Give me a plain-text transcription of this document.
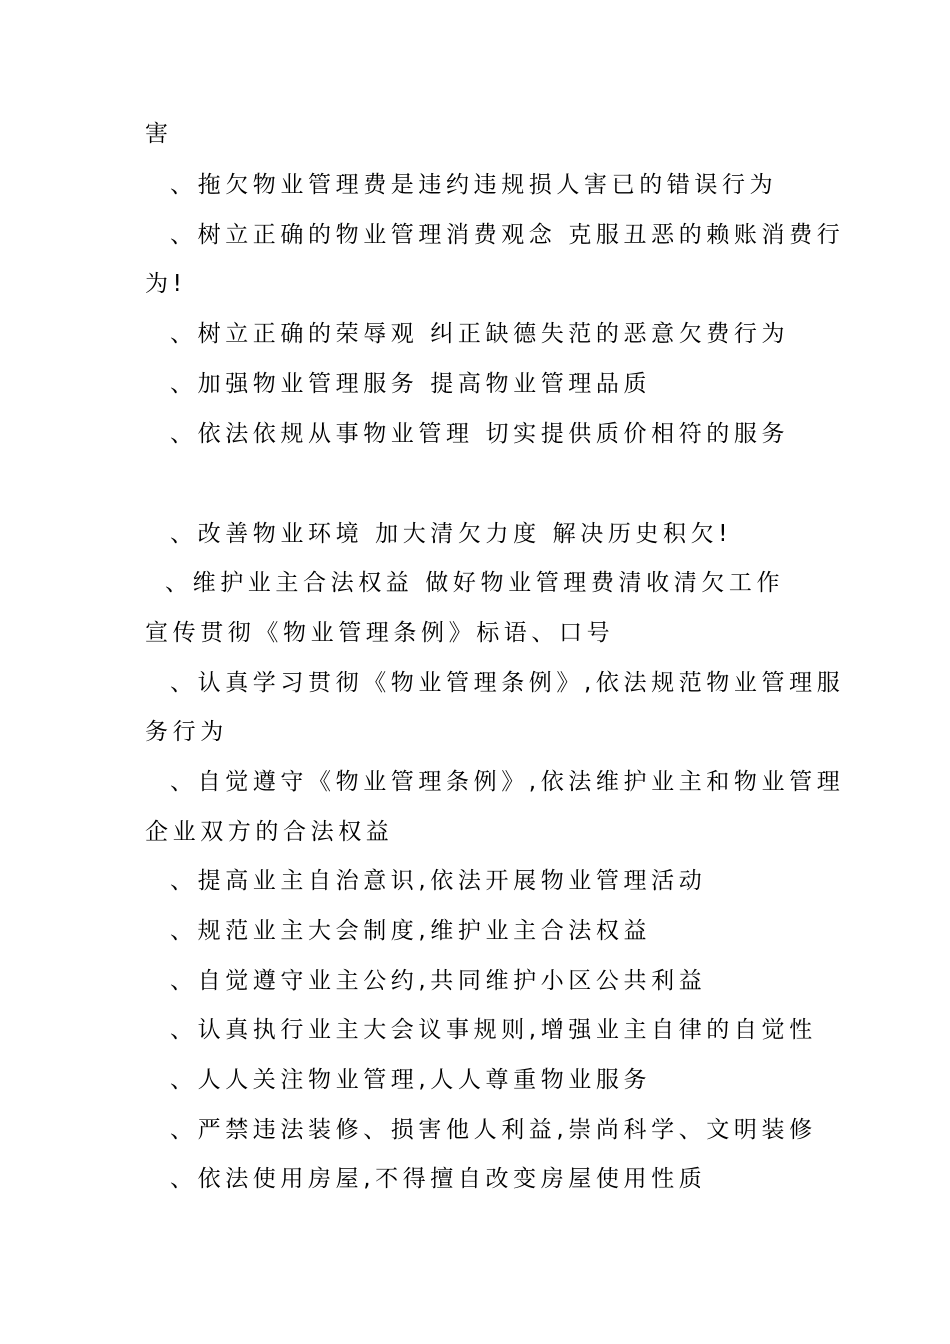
害
、拖欠物业管理费是违约违规损人害已的错误行为
、树立正确的物业管理消费观念 克服丑恶的赖账消费行
为!
、树立正确的荣辱观 纠正缺德失范的恶意欠费行为
、加强物业管理服务 提高物业管理品质
、依法依规从事物业管理 切实提供质价相符的服务
、改善物业环境 加大清欠力度 解决历史积欠!
、维护业主合法权益 做好物业管理费清收清欠工作
宣传贯彻《物业管理条例》标语、口号
、认真学习贯彻《物业管理条例》,依法规范物业管理服
务行为
、自觉遵守《物业管理条例》,依法维护业主和物业管理
企业双方的合法权益
、提高业主自治意识,依法开展物业管理活动
、规范业主大会制度,维护业主合法权益
、自觉遵守业主公约,共同维护小区公共利益
、认真执行业主大会议事规则,增强业主自律的自觉性
、人人关注物业管理,人人尊重物业服务
、严禁违法装修、损害他人利益,崇尚科学、文明装修
、依法使用房屋,不得擅自改变房屋使用性质
